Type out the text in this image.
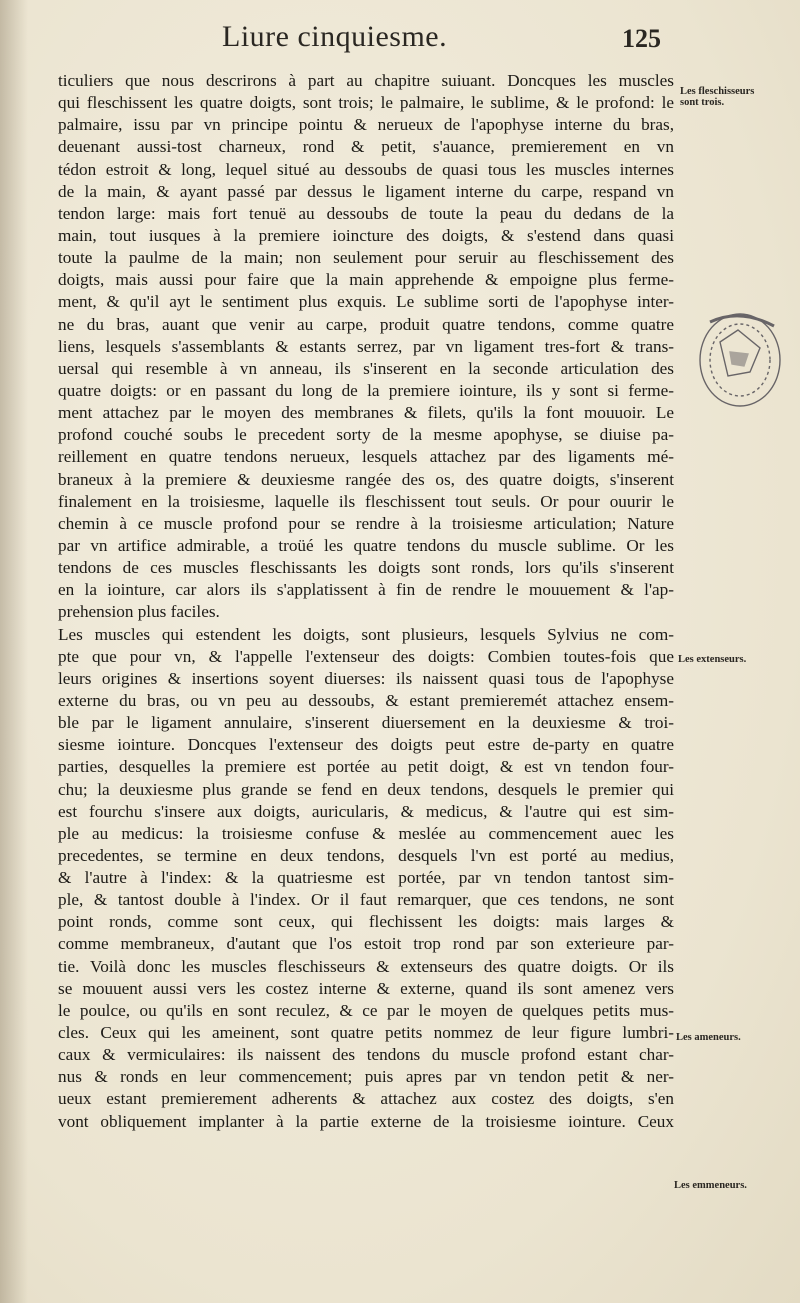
Liure cinquiesme.	125
ticuliers que nous descrirons à part au chapitre suiuant. Doncques les muscles
qui fleschissent les quatre doigts, sont trois; le palmaire, le sublime, & le profond: le
palmaire, issu par vn principe pointu & nerueux de l'apophyse interne du bras,
deuenant aussi-tost charneux, rond & petit, s'auance, premierement en vn
tédon estroit & long, lequel situé au dessoubs de quasi tous les muscles internes
de la main, & ayant passé par dessus le ligament interne du carpe, respand vn
tendon large: mais fort tenuë au dessoubs de toute la peau du dedans de la
main, tout iusques à la premiere ioincture des doigts, & s'estend dans quasi
toute la paulme de la main; non seulement pour seruir au fleschissement des
doigts, mais aussi pour faire que la main apprehende & empoigne plus ferme-
ment, & qu'il ayt le sentiment plus exquis. Le sublime sorti de l'apophyse inter-
ne du bras, auant que venir au carpe, produit quatre tendons, comme quatre
liens, lesquels s'assemblants & estants serrez, par vn ligament tres-fort & trans-
uersal qui resemble à vn anneau, ils s'inserent en la seconde articulation des
quatre doigts: or en passant du long de la premiere iointure, ils y sont si ferme-
ment attachez par le moyen des membranes & filets, qu'ils la font mouuoir. Le
profond couché soubs le precedent sorty de la mesme apophyse, se diuise pa-
reillement en quatre tendons nerueux, lesquels attachez par des ligaments mé-
braneux à la premiere & deuxiesme rangée des os, des quatre doigts, s'inserent
finalement en la troisiesme, laquelle ils fleschissent tout seuls. Or pour ouurir le
chemin à ce muscle profond pour se rendre à la troisiesme articulation; Nature
par vn artifice admirable, a troüé les quatre tendons du muscle sublime. Or les
tendons de ces muscles fleschissants les doigts sont ronds, lors qu'ils s'inserent
en la iointure, car alors ils s'applatissent à fin de rendre le mouuement & l'ap-
prehension plus faciles.
Les muscles qui estendent les doigts, sont plusieurs, lesquels Sylvius ne com-
pte que pour vn, & l'appelle l'extenseur des doigts: Combien toutes-fois que
leurs origines & insertions soyent diuerses: ils naissent quasi tous de l'apophyse
externe du bras, ou vn peu au dessoubs, & estant premieremét attachez ensem-
ble par le ligament annulaire, s'inserent diuersement en la deuxiesme & troi-
siesme iointure. Doncques l'extenseur des doigts peut estre de-party en quatre
parties, desquelles la premiere est portée au petit doigt, & est vn tendon four-
chu; la deuxiesme plus grande se fend en deux tendons, desquels le premier qui
est fourchu s'insere aux doigts, auricularis, & medicus, & l'autre qui est sim-
ple au medicus: la troisiesme confuse & meslée au commencement auec les
precedentes, se termine en deux tendons, desquels l'vn est porté au medius,
& l'autre à l'index: & la quatriesme est portée, par vn tendon tantost sim-
ple, & tantost double à l'index. Or il faut remarquer, que ces tendons, ne sont
point ronds, comme sont ceux, qui flechissent les doigts: mais larges &
comme membraneux, d'autant que l'os estoit trop rond par son exterieure par-
tie. Voilà donc les muscles fleschisseurs & extenseurs des quatre doigts. Or ils
se mouuent aussi vers les costez interne & externe, quand ils sont amenez vers
le poulce, ou qu'ils en sont reculez, & ce par le moyen de quelques petits mus-
cles. Ceux qui les ameinent, sont quatre petits nommez de leur figure lumbri-
caux & vermiculaires: ils naissent des tendons du muscle profond estant char-
nus & ronds en leur commencement; puis apres par vn tendon petit & ner-
ueux estant premierement adherents & attachez aux costez des doigts, s'en
vont obliquement implanter à la partie externe de la troisiesme iointure. Ceux
Les fleschisseurs
sont trois.
Les extenseurs.
Les ameneurs.
Les emmeneurs.
